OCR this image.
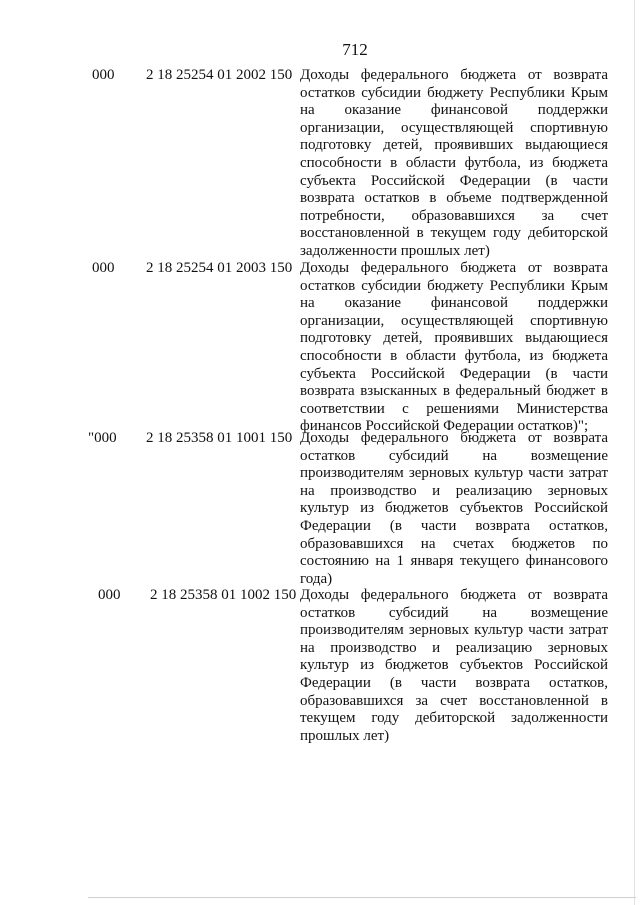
712
000 2 18 25254 01 2002 150 Доходы федерального бюджета от возврата остатков субсидии бюджету Республики Крым на оказание финансовой поддержки организации, осуществляющей спортивную подготовку детей, проявивших выдающиеся способности в области футбола, из бюджета субъекта Российской Федерации (в части возврата остатков в объеме подтвержденной потребности, образовавшихся за счет восстановленной в текущем году дебиторской задолженности прошлых лет)
000 2 18 25254 01 2003 150 Доходы федерального бюджета от возврата остатков субсидии бюджету Республики Крым на оказание финансовой поддержки организации, осуществляющей спортивную подготовку детей, проявивших выдающиеся способности в области футбола, из бюджета субъекта Российской Федерации (в части возврата взысканных в федеральный бюджет в соответствии с решениями Министерства финансов Российской Федерации остатков)";
"000 2 18 25358 01 1001 150 Доходы федерального бюджета от возврата остатков субсидий на возмещение производителям зерновых культур части затрат на производство и реализацию зерновых культур из бюджетов субъектов Российской Федерации (в части возврата остатков, образовавшихся на счетах бюджетов по состоянию на 1 января текущего финансового года)
000 2 18 25358 01 1002 150 Доходы федерального бюджета от возврата остатков субсидий на возмещение производителям зерновых культур части затрат на производство и реализацию зерновых культур из бюджетов субъектов Российской Федерации (в части возврата остатков, образовавшихся за счет восстановленной в текущем году дебиторской задолженности прошлых лет)
